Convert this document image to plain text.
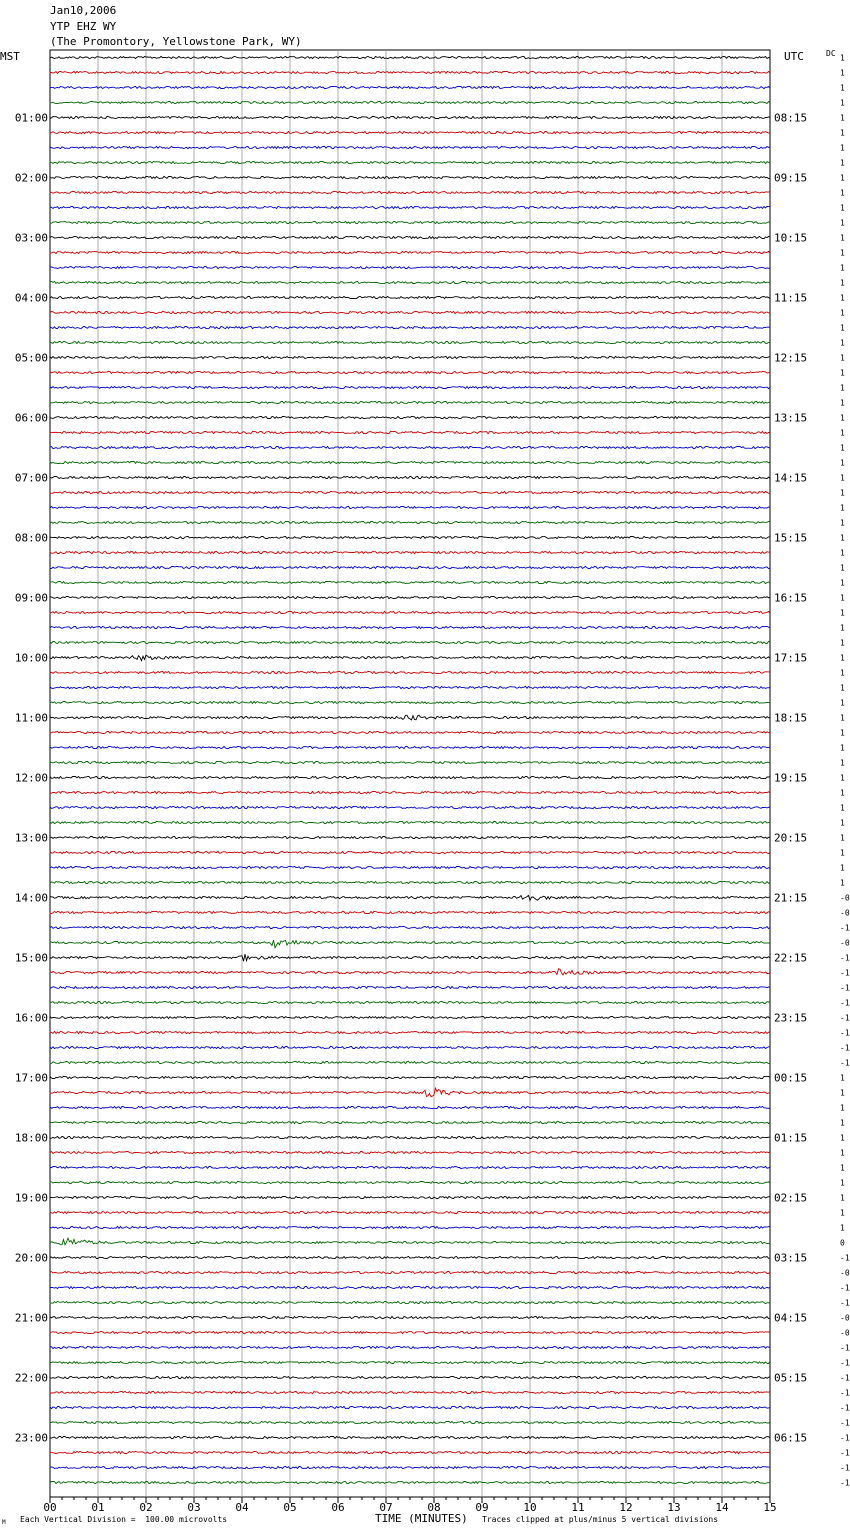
Jan10,2006
YTP EHZ WY
(The Promontory, Yellowstone Park, WY)
MST	UTC	DC
00	01	02	03	04	05	06	07	08	09	10	11	12	13	14	15
1
1
1
1
1
1
1
1
1
1
1
1
1
1
1
1
1
1
1
1
1
1
1
1
1
1
1
1
1
1
1
1
1
1
1
1
1
1
1
1
1
1
1
1
1
1
1
1
1
1
1
1
1
1
1
1
-0
-0
-1
-0
-1
-1
-1
-1
-1
-1
-1
-1
1
1
1
1
1
1
1
1
1
1
1
0
-1
-0
-1
-1
-0
-0
-1
-1
-1
-1
-1
-1
-1
-1
-1
-1
01:00
02:00
03:00
04:00
05:00
06:00
07:00
08:00
09:00
10:00
11:00
12:00
13:00
14:00
15:00
16:00
17:00
18:00
19:00
20:00
21:00
22:00
23:00
08:15
09:15
10:15
11:15
12:15
13:15
14:15
15:15
16:15
17:15
18:15
19:15
20:15
21:15
22:15
23:15
00:15
01:15
02:15
03:15
04:15
05:15
06:15
TIME (MINUTES)
Each Vertical Division =  100.00 microvolts	Traces clipped at plus/minus 5 vertical divisions
M
